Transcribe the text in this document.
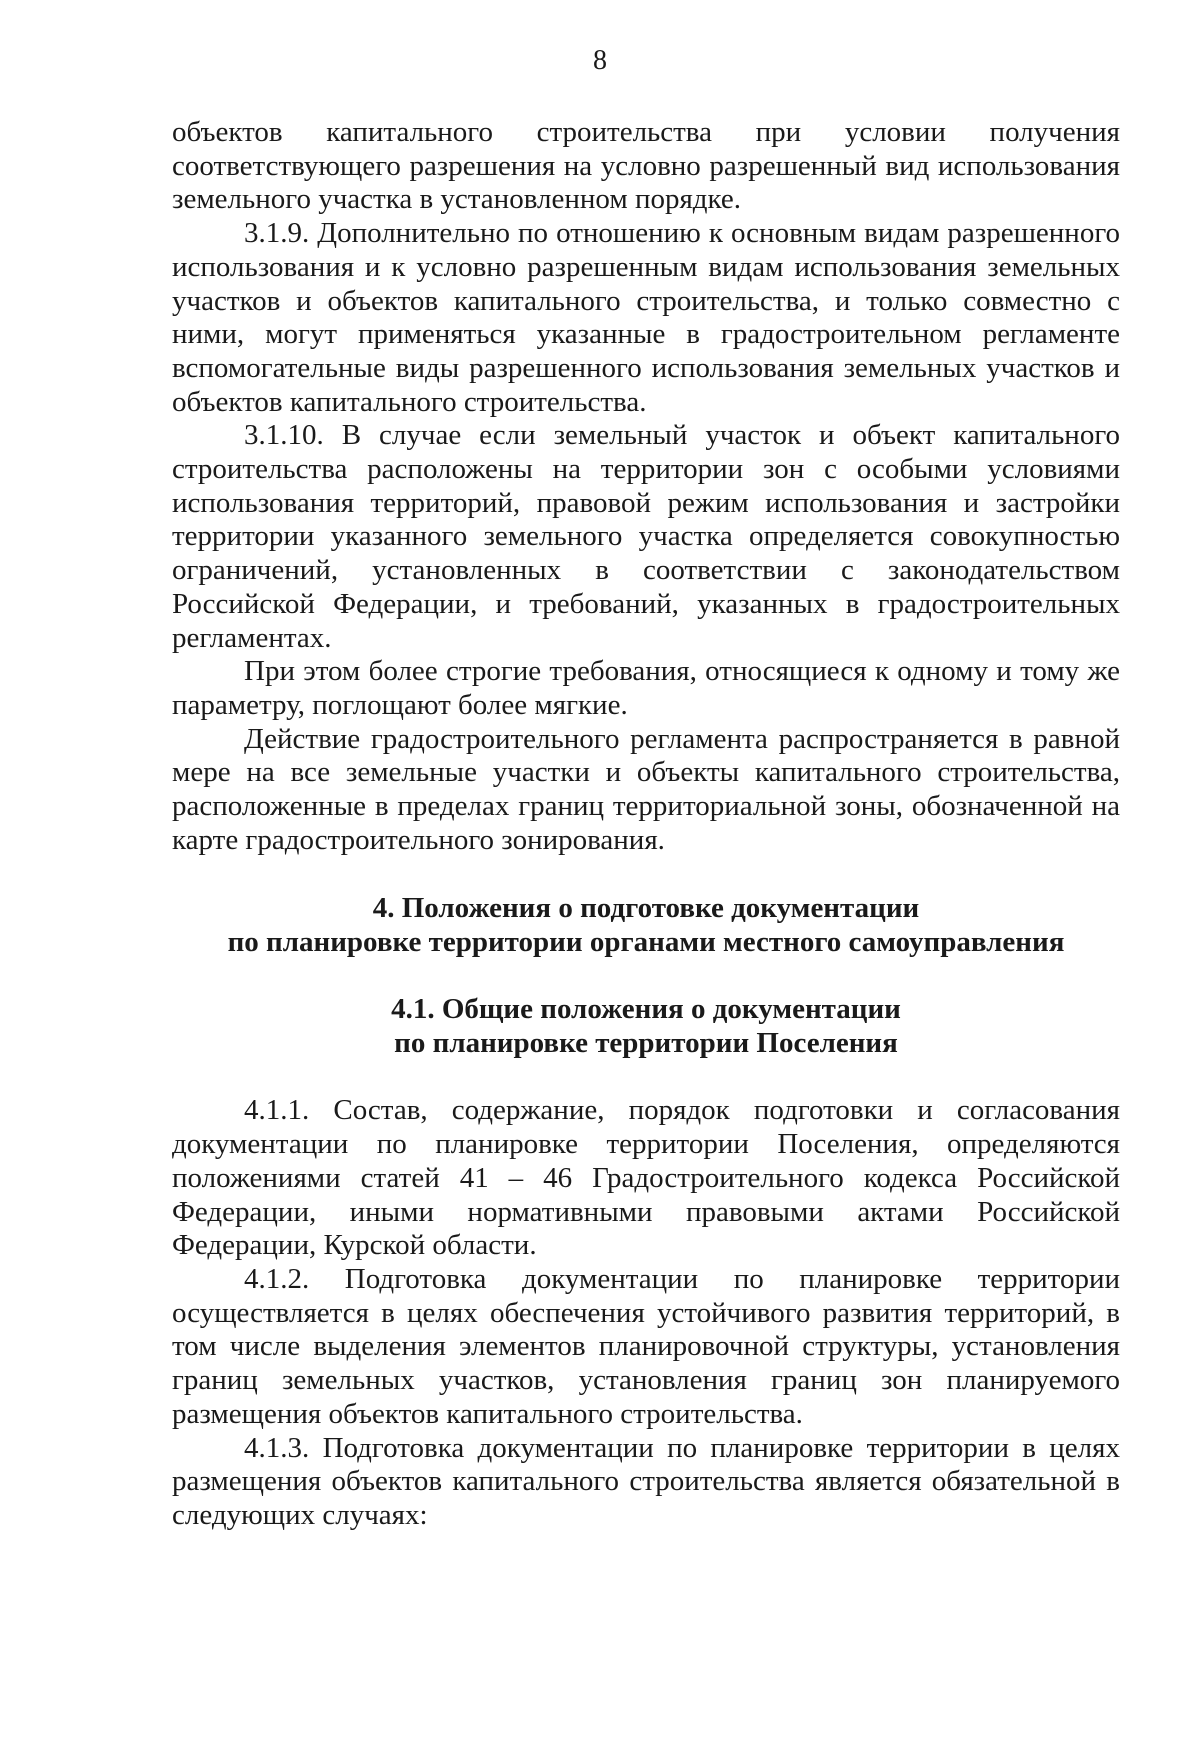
8

объектов капитального строительства при условии получения соответствующего разрешения на условно разрешенный вид использования земельного участка в установленном порядке.

3.1.9. Дополнительно по отношению к основным видам разрешенного использования и к условно разрешенным видам использования земельных участков и объектов капитального строительства, и только совместно с ними, могут применяться указанные в градостроительном регламенте вспомогательные виды разрешенного использования земельных участков и объектов капитального строительства.

3.1.10. В случае если земельный участок и объект капитального строительства расположены на территории зон с особыми условиями использования территорий, правовой режим использования и застройки территории указанного земельного участка определяется совокупностью ограничений, установленных в соответствии с законодательством Российской Федерации, и требований, указанных в градостроительных регламентах.

При этом более строгие требования, относящиеся к одному и тому же параметру, поглощают более мягкие.

Действие градостроительного регламента распространяется в равной мере на все земельные участки и объекты капитального строительства, расположенные в пределах границ территориальной зоны, обозначенной на карте градостроительного зонирования.

4. Положения о подготовке документации

по планировке территории органами местного самоуправления

4.1. Общие положения о документации

по планировке территории Поселения

4.1.1. Состав, содержание, порядок подготовки и согласования документации по планировке территории Поселения, определяются положениями статей 41 – 46 Градостроительного кодекса Российской Федерации, иными нормативными правовыми актами Российской Федерации, Курской области.

4.1.2. Подготовка документации по планировке территории осуществляется в целях обеспечения устойчивого развития территорий, в том числе выделения элементов планировочной структуры, установления границ земельных участков, установления границ зон планируемого размещения объектов капитального строительства.

4.1.3. Подготовка документации по планировке территории в целях размещения объектов капитального строительства является обязательной в следующих случаях:
